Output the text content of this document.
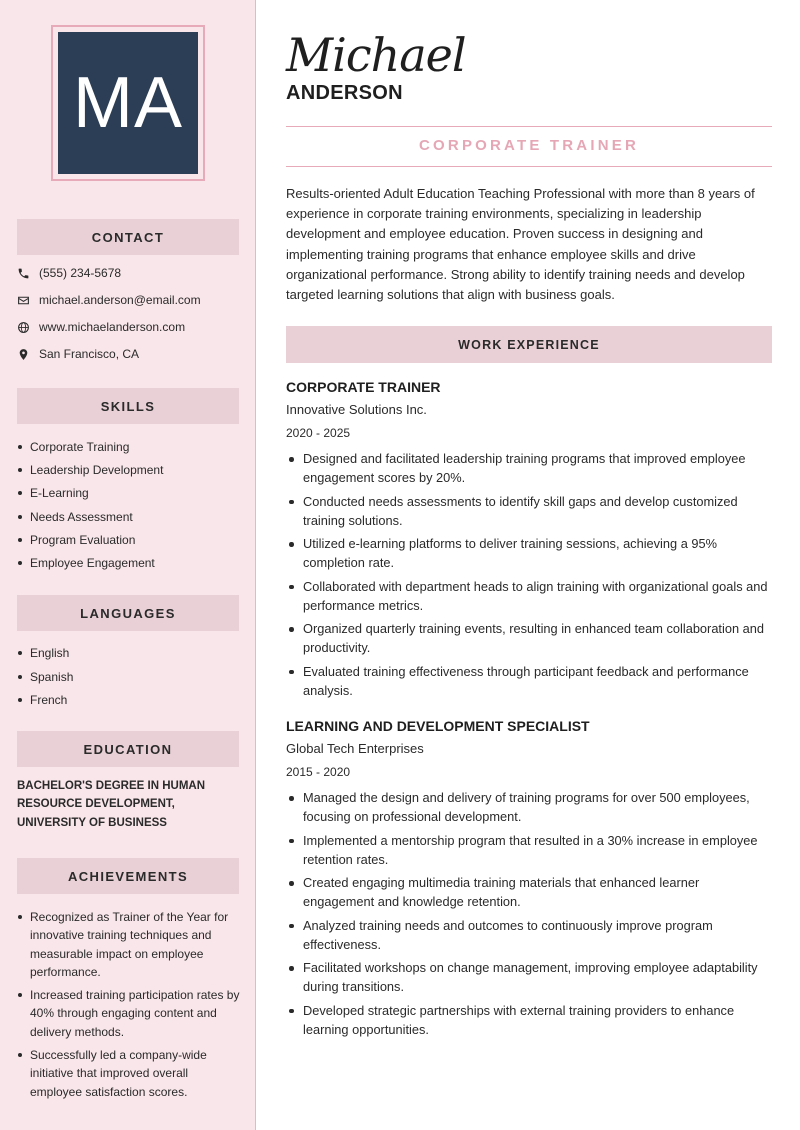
MA
CONTACT
(555) 234-5678
michael.anderson@email.com
www.michaelanderson.com
San Francisco, CA
SKILLS
Corporate Training
Leadership Development
E-Learning
Needs Assessment
Program Evaluation
Employee Engagement
LANGUAGES
English
Spanish
French
EDUCATION
BACHELOR'S DEGREE IN HUMAN RESOURCE DEVELOPMENT, UNIVERSITY OF BUSINESS
ACHIEVEMENTS
Recognized as Trainer of the Year for innovative training techniques and measurable impact on employee performance.
Increased training participation rates by 40% through engaging content and delivery methods.
Successfully led a company-wide initiative that improved overall employee satisfaction scores.
Michael
ANDERSON
CORPORATE TRAINER

Results-oriented Adult Education Teaching Professional with more than 8 years of experience in corporate training environments, specializing in leadership development and employee education. Proven success in designing and implementing training programs that enhance employee skills and drive organizational performance. Strong ability to identify training needs and develop targeted learning solutions that align with business goals.

WORK EXPERIENCE
CORPORATE TRAINER
Innovative Solutions Inc.
2020 - 2025
Designed and facilitated leadership training programs that improved employee engagement scores by 20%.
Conducted needs assessments to identify skill gaps and develop customized training solutions.
Utilized e-learning platforms to deliver training sessions, achieving a 95% completion rate.
Collaborated with department heads to align training with organizational goals and performance metrics.
Organized quarterly training events, resulting in enhanced team collaboration and productivity.
Evaluated training effectiveness through participant feedback and performance analysis.
LEARNING AND DEVELOPMENT SPECIALIST
Global Tech Enterprises
2015 - 2020
Managed the design and delivery of training programs for over 500 employees, focusing on professional development.
Implemented a mentorship program that resulted in a 30% increase in employee retention rates.
Created engaging multimedia training materials that enhanced learner engagement and knowledge retention.
Analyzed training needs and outcomes to continuously improve program effectiveness.
Facilitated workshops on change management, improving employee adaptability during transitions.
Developed strategic partnerships with external training providers to enhance learning opportunities.
